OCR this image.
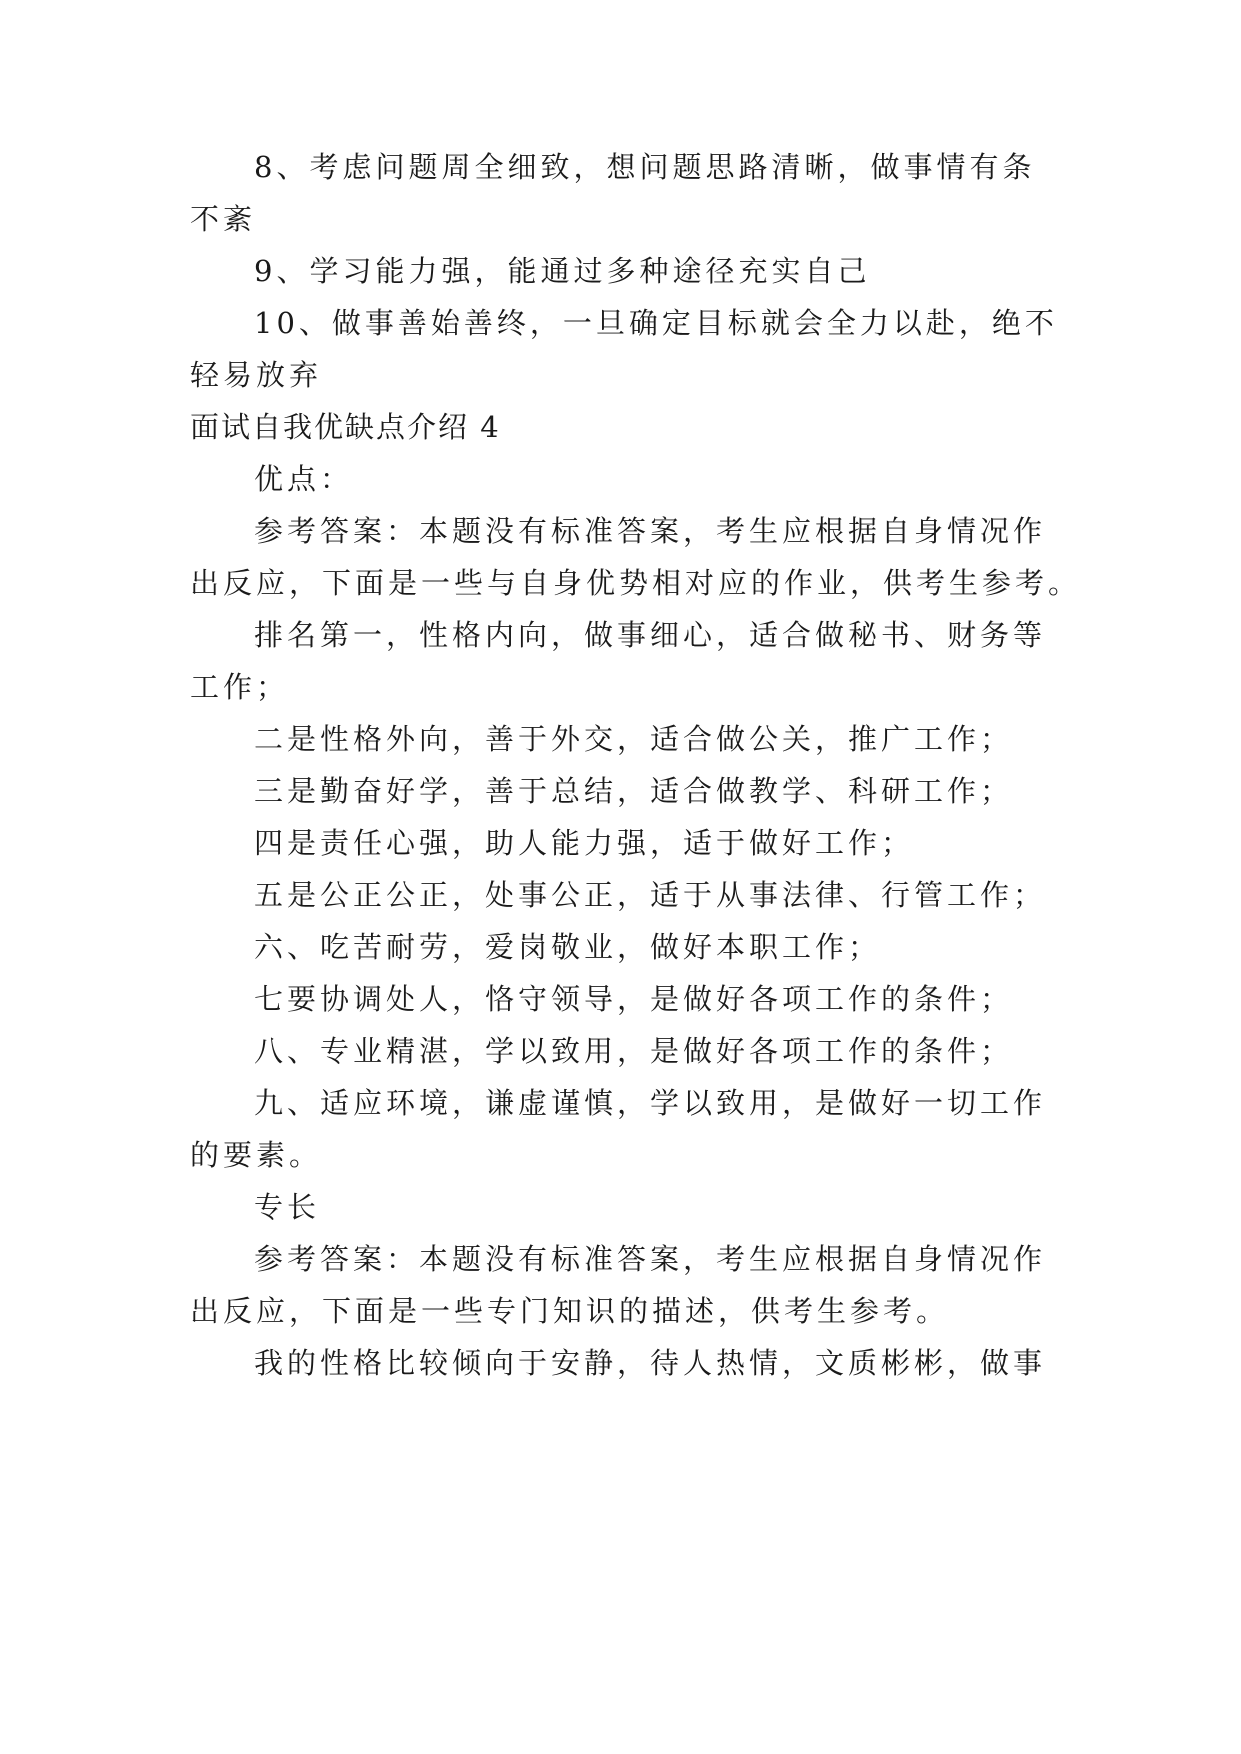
8、考虑问题周全细致，想问题思路清晰，做事情有条
不紊
9、学习能力强，能通过多种途径充实自己
10、做事善始善终，一旦确定目标就会全力以赴，绝不
轻易放弃
面试自我优缺点介绍 4
优点：
参考答案：本题没有标准答案，考生应根据自身情况作
出反应，下面是一些与自身优势相对应的作业，供考生参考。
排名第一，性格内向，做事细心，适合做秘书、财务等
工作；
二是性格外向，善于外交，适合做公关，推广工作；
三是勤奋好学，善于总结，适合做教学、科研工作；
四是责任心强，助人能力强，适于做好工作；
五是公正公正，处事公正，适于从事法律、行管工作；
六、吃苦耐劳，爱岗敬业，做好本职工作；
七要协调处人，恪守领导，是做好各项工作的条件；
八、专业精湛，学以致用，是做好各项工作的条件；
九、适应环境，谦虚谨慎，学以致用，是做好一切工作
的要素。
专长
参考答案：本题没有标准答案，考生应根据自身情况作
出反应，下面是一些专门知识的描述，供考生参考。
我的性格比较倾向于安静，待人热情，文质彬彬，做事
